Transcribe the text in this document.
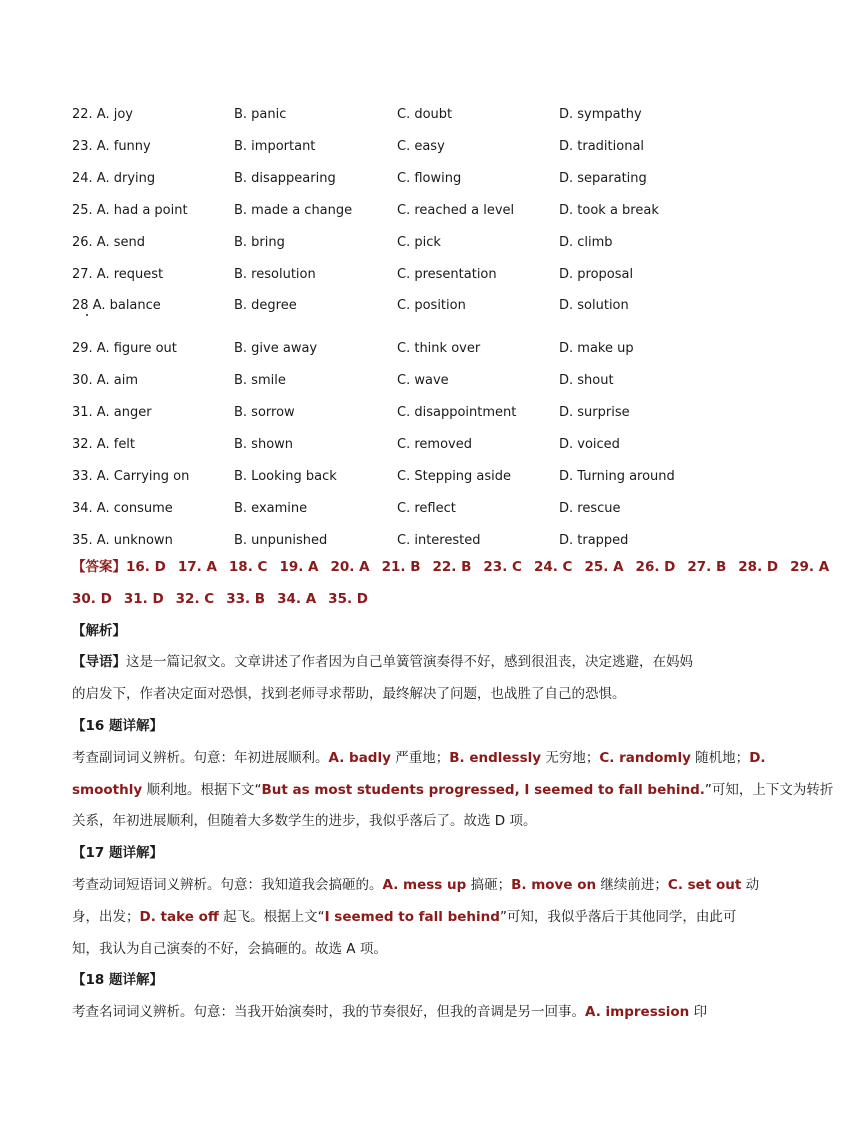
22. A. joy	B. panic	C. doubt	D. sympathy
23. A. funny	B. important	C. easy	D. traditional
24. A. drying	B. disappearing	C. flowing	D. separating
25. A. had a point	B. made a change	C. reached a level	D. took a break
26. A. send	B. bring	C. pick	D. climb
27. A. request	B. resolution	C. presentation	D. proposal
28 A. balance	B. degree	C. position	D. solution
29. A. figure out	B. give away	C. think over	D. make up
30. A. aim	B. smile	C. wave	D. shout
31. A. anger	B. sorrow	C. disappointment	D. surprise
32. A. felt	B. shown	C. removed	D. voiced
33. A. Carrying on	B. Looking back	C. Stepping aside	D. Turning around
34. A. consume	B. examine	C. reflect	D. rescue
35. A. unknown	B. unpunished	C. interested	D. trapped
【答案】16. D 17. A 18. C 19. A 20. A 21. B 22. B 23. C 24. C 25. A 26. D 27. B 28. D 29. A
30. D 31. D 32. C 33. B 34. A 35. D
【解析】
【导语】这是一篇记叙文。文章讲述了作者因为自己单簧管演奏得不好，感到很沮丧，决定逃避，在妈妈
的启发下，作者决定面对恐惧，找到老师寻求帮助，最终解决了问题，也战胜了自己的恐惧。
【16 题详解】
考查副词词义辨析。句意：年初进展顺利。A. badly 严重地；B. endlessly 无穷地；C. randomly 随机地；D.
smoothly 顺利地。根据下文“But as most students progressed, I seemed to fall behind.”可知，上下文为转折
关系，年初进展顺利，但随着大多数学生的进步，我似乎落后了。故选 D 项。
【17 题详解】
考查动词短语词义辨析。句意：我知道我会搞砸的。A. mess up 搞砸；B. move on 继续前进；C. set out 动
身，出发；D. take off 起飞。根据上文“I seemed to fall behind”可知，我似乎落后于其他同学，由此可
知，我认为自己演奏的不好，会搞砸的。故选 A 项。
【18 题详解】
考查名词词义辨析。句意：当我开始演奏时，我的节奏很好，但我的音调是另一回事。A. impression 印
